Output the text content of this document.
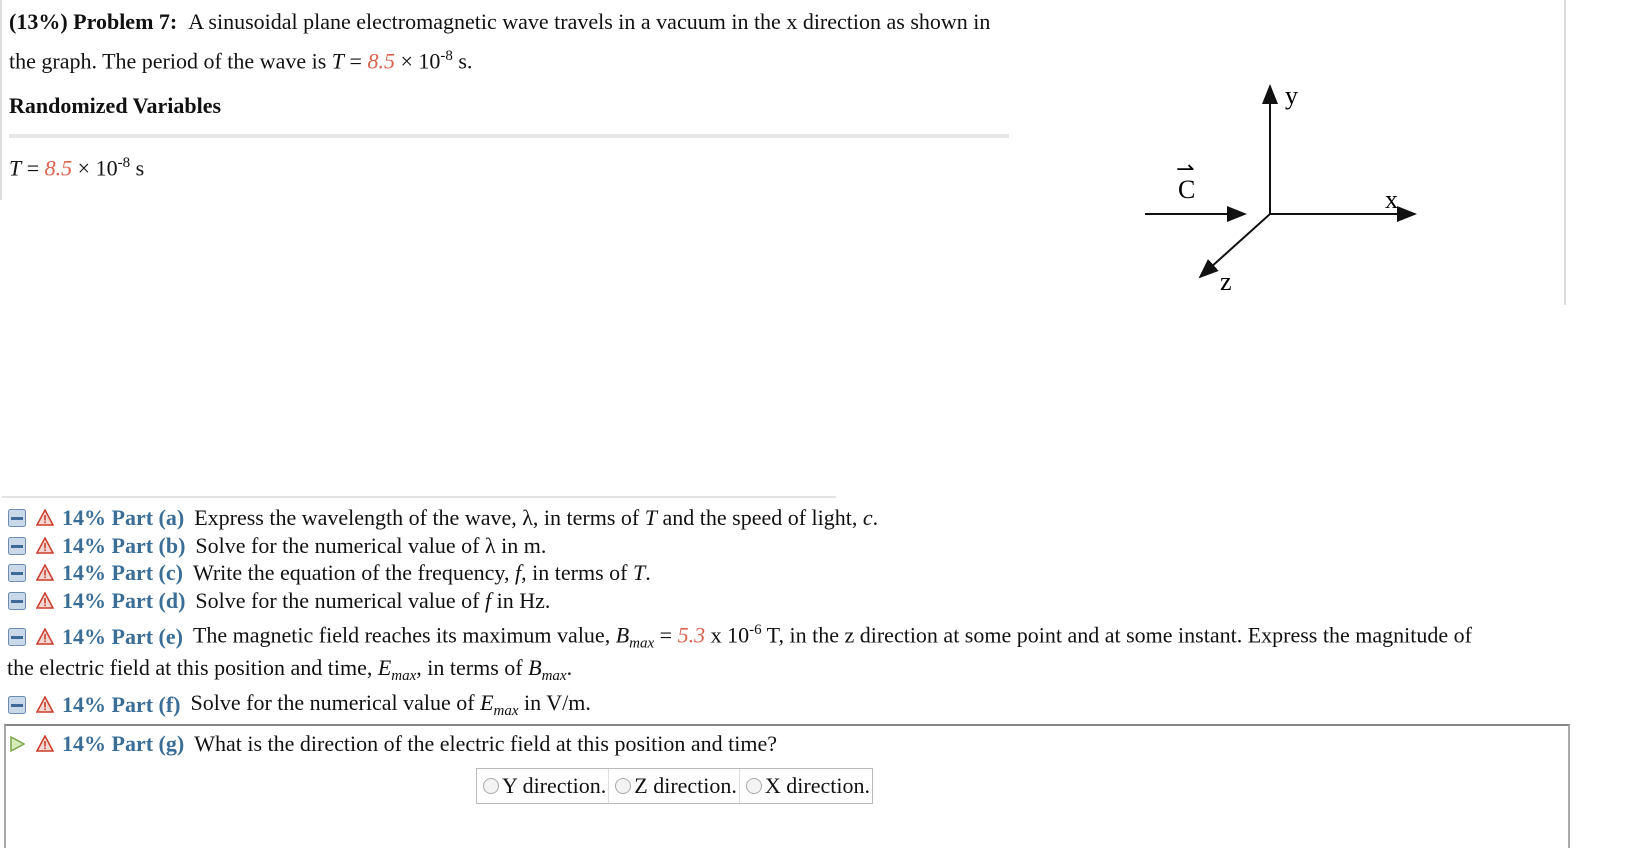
(13%) Problem 7: A sinusoidal plane electromagnetic wave travels in a vacuum in the x direction as shown in the graph. The period of the wave is $T = 8.5 \times 10^{-8}$ s.
Randomized Variables
$T = 8.5 \times 10^{-8}$ s
y
x
z
C
⇀
14% Part (a) Express the wavelength of the wave, λ, in terms of T and the speed of light, c.
14% Part (b) Solve for the numerical value of λ in m.
14% Part (c) Write the equation of the frequency, f, in terms of T.
14% Part (d) Solve for the numerical value of f in Hz.
14% Part (e) The magnetic field reaches its maximum value, $B_{max} = 5.3$ x $10^{-6}$ T, in the z direction at some point and at some instant. Express the magnitude of
the electric field at this position and time, $E_{max}$, in terms of $B_{max}$.
14% Part (f) Solve for the numerical value of $E_{max}$ in V/m.
14% Part (g) What is the direction of the electric field at this position and time?
Y direction. Z direction. X direction.
